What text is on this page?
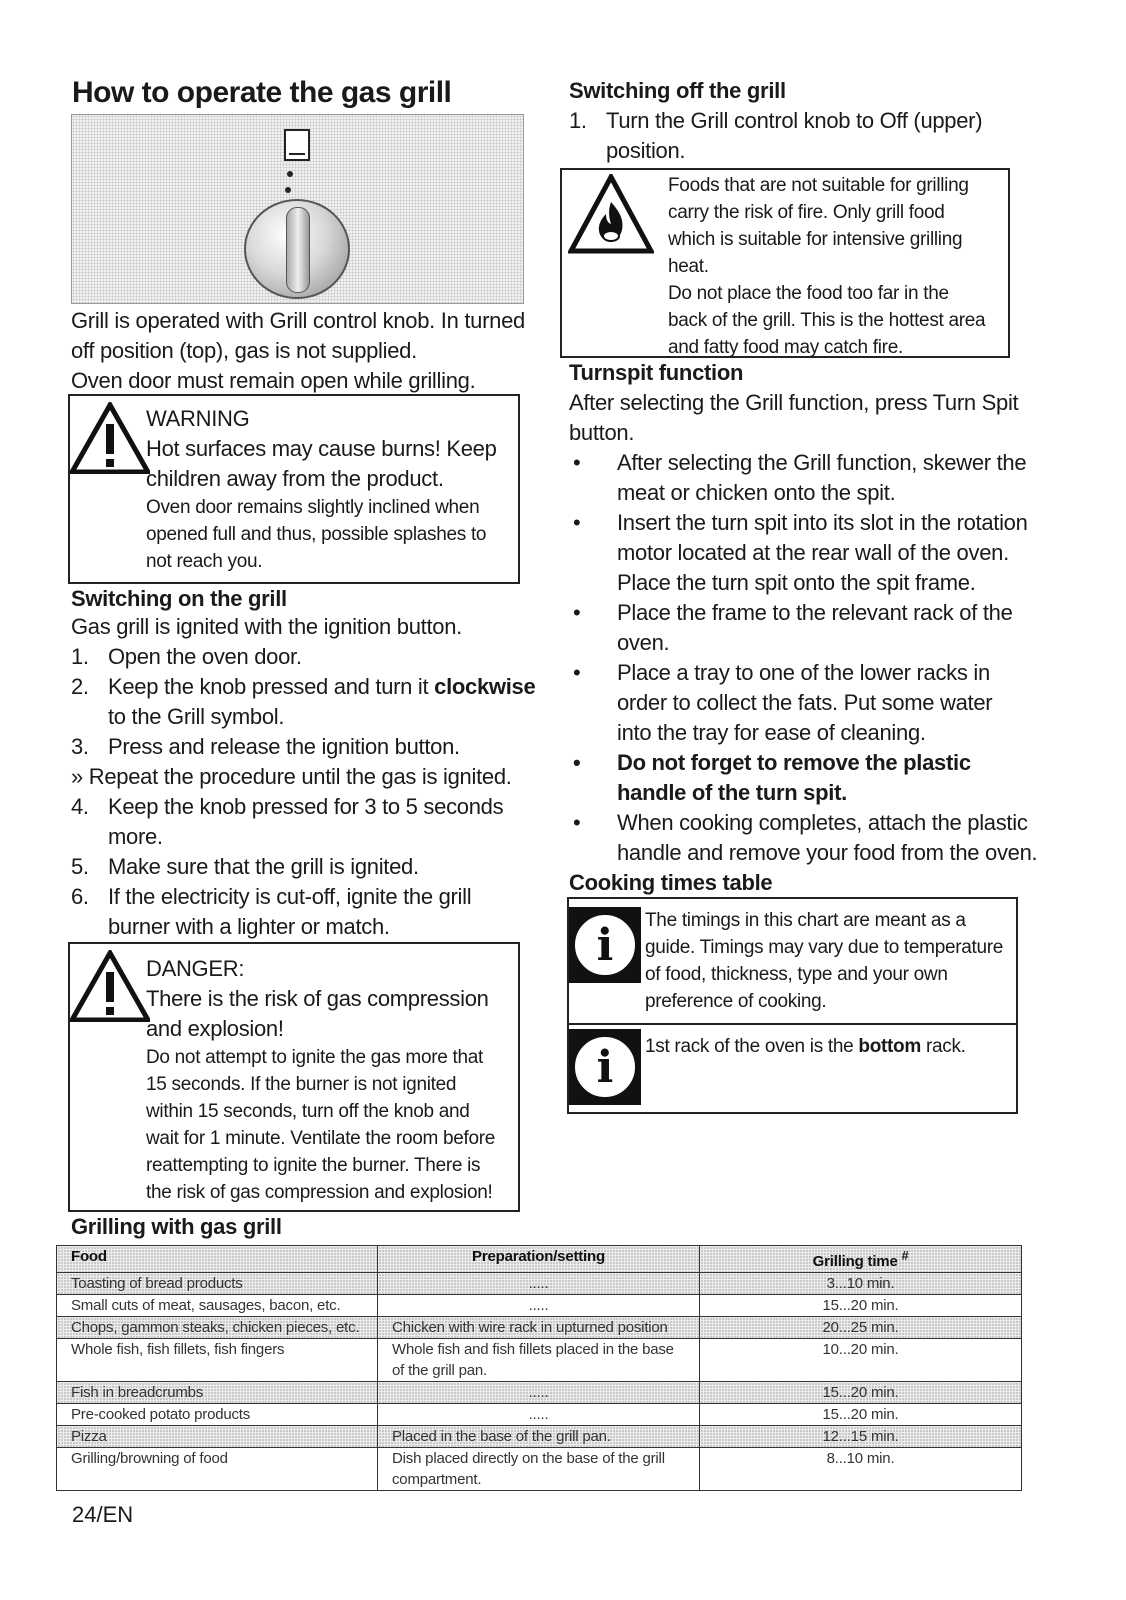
How to operate the gas grill

Grill is operated with Grill control knob. In turned

off position (top), gas is not supplied.

Oven door must remain open while grilling.

WARNING

Hot surfaces may cause burns! Keep

children away from the product.

Oven door remains slightly inclined when

opened full and thus, possible splashes to

not reach you.

Switching on the grill

Gas grill is ignited with the ignition button.

1. Open the oven door.
2. Keep the knob pressed and turn it clockwise
to the Grill symbol.
3. Press and release the ignition button.

» Repeat the procedure until the gas is ignited.

4. Keep the knob pressed for 3 to 5 seconds
more.
5. Make sure that the grill is ignited.
6. If the electricity is cut-off, ignite the grill
burner with a lighter or match.

DANGER:

There is the risk of gas compression

and explosion!

Do not attempt to ignite the gas more that

15 seconds. If the burner is not ignited

within 15 seconds, turn off the knob and

wait for 1 minute. Ventilate the room before

reattempting to ignite the burner. There is

the risk of gas compression and explosion!

Switching off the grill
1. Turn the Grill control knob to Off (upper)
position.

Foods that are not suitable for grilling

carry the risk of fire. Only grill food

which is suitable for intensive grilling

heat.

Do not place the food too far in the

back of the grill. This is the hottest area

and fatty food may catch fire.

Turnspit function

After selecting the Grill function, press Turn Spit

button.

• After selecting the Grill function, skewer the
meat or chicken onto the spit.
• Insert the turn spit into its slot in the rotation
motor located at the rear wall of the oven.
Place the turn spit onto the spit frame.
• Place the frame to the relevant rack of the
oven.
• Place a tray to one of the lower racks in
order to collect the fats. Put some water
into the tray for ease of cleaning.
• Do not forget to remove the plastic
handle of the turn spit.
• When cooking completes, attach the plastic
handle and remove your food from the oven.
Cooking times table
i	The timings in this chart are meant as a

guide. Timings may vary due to temperature

of food, thickness, type and your own

preference of cooking.

i	1st rack of the oven is the bottom rack.

Grilling with gas grill
Food	Preparation/setting	Grilling time #
Toasting of bread products	.....	3...10 min.
Small cuts of meat, sausages, bacon, etc.	.....	15...20 min.
Chops, gammon steaks, chicken pieces, etc.	Chicken with wire rack in upturned position	20...25 min.
Whole fish, fish fillets, fish fingers	Whole fish and fish fillets placed in the base
of the grill pan.	10...20 min.
Fish in breadcrumbs	.....	15...20 min.
Pre-cooked potato products	.....	15...20 min.
Pizza	Placed in the base of the grill pan.	12...15 min.
Grilling/browning of food	Dish placed directly on the base of the grill
compartment.	8...10 min.
24/EN
